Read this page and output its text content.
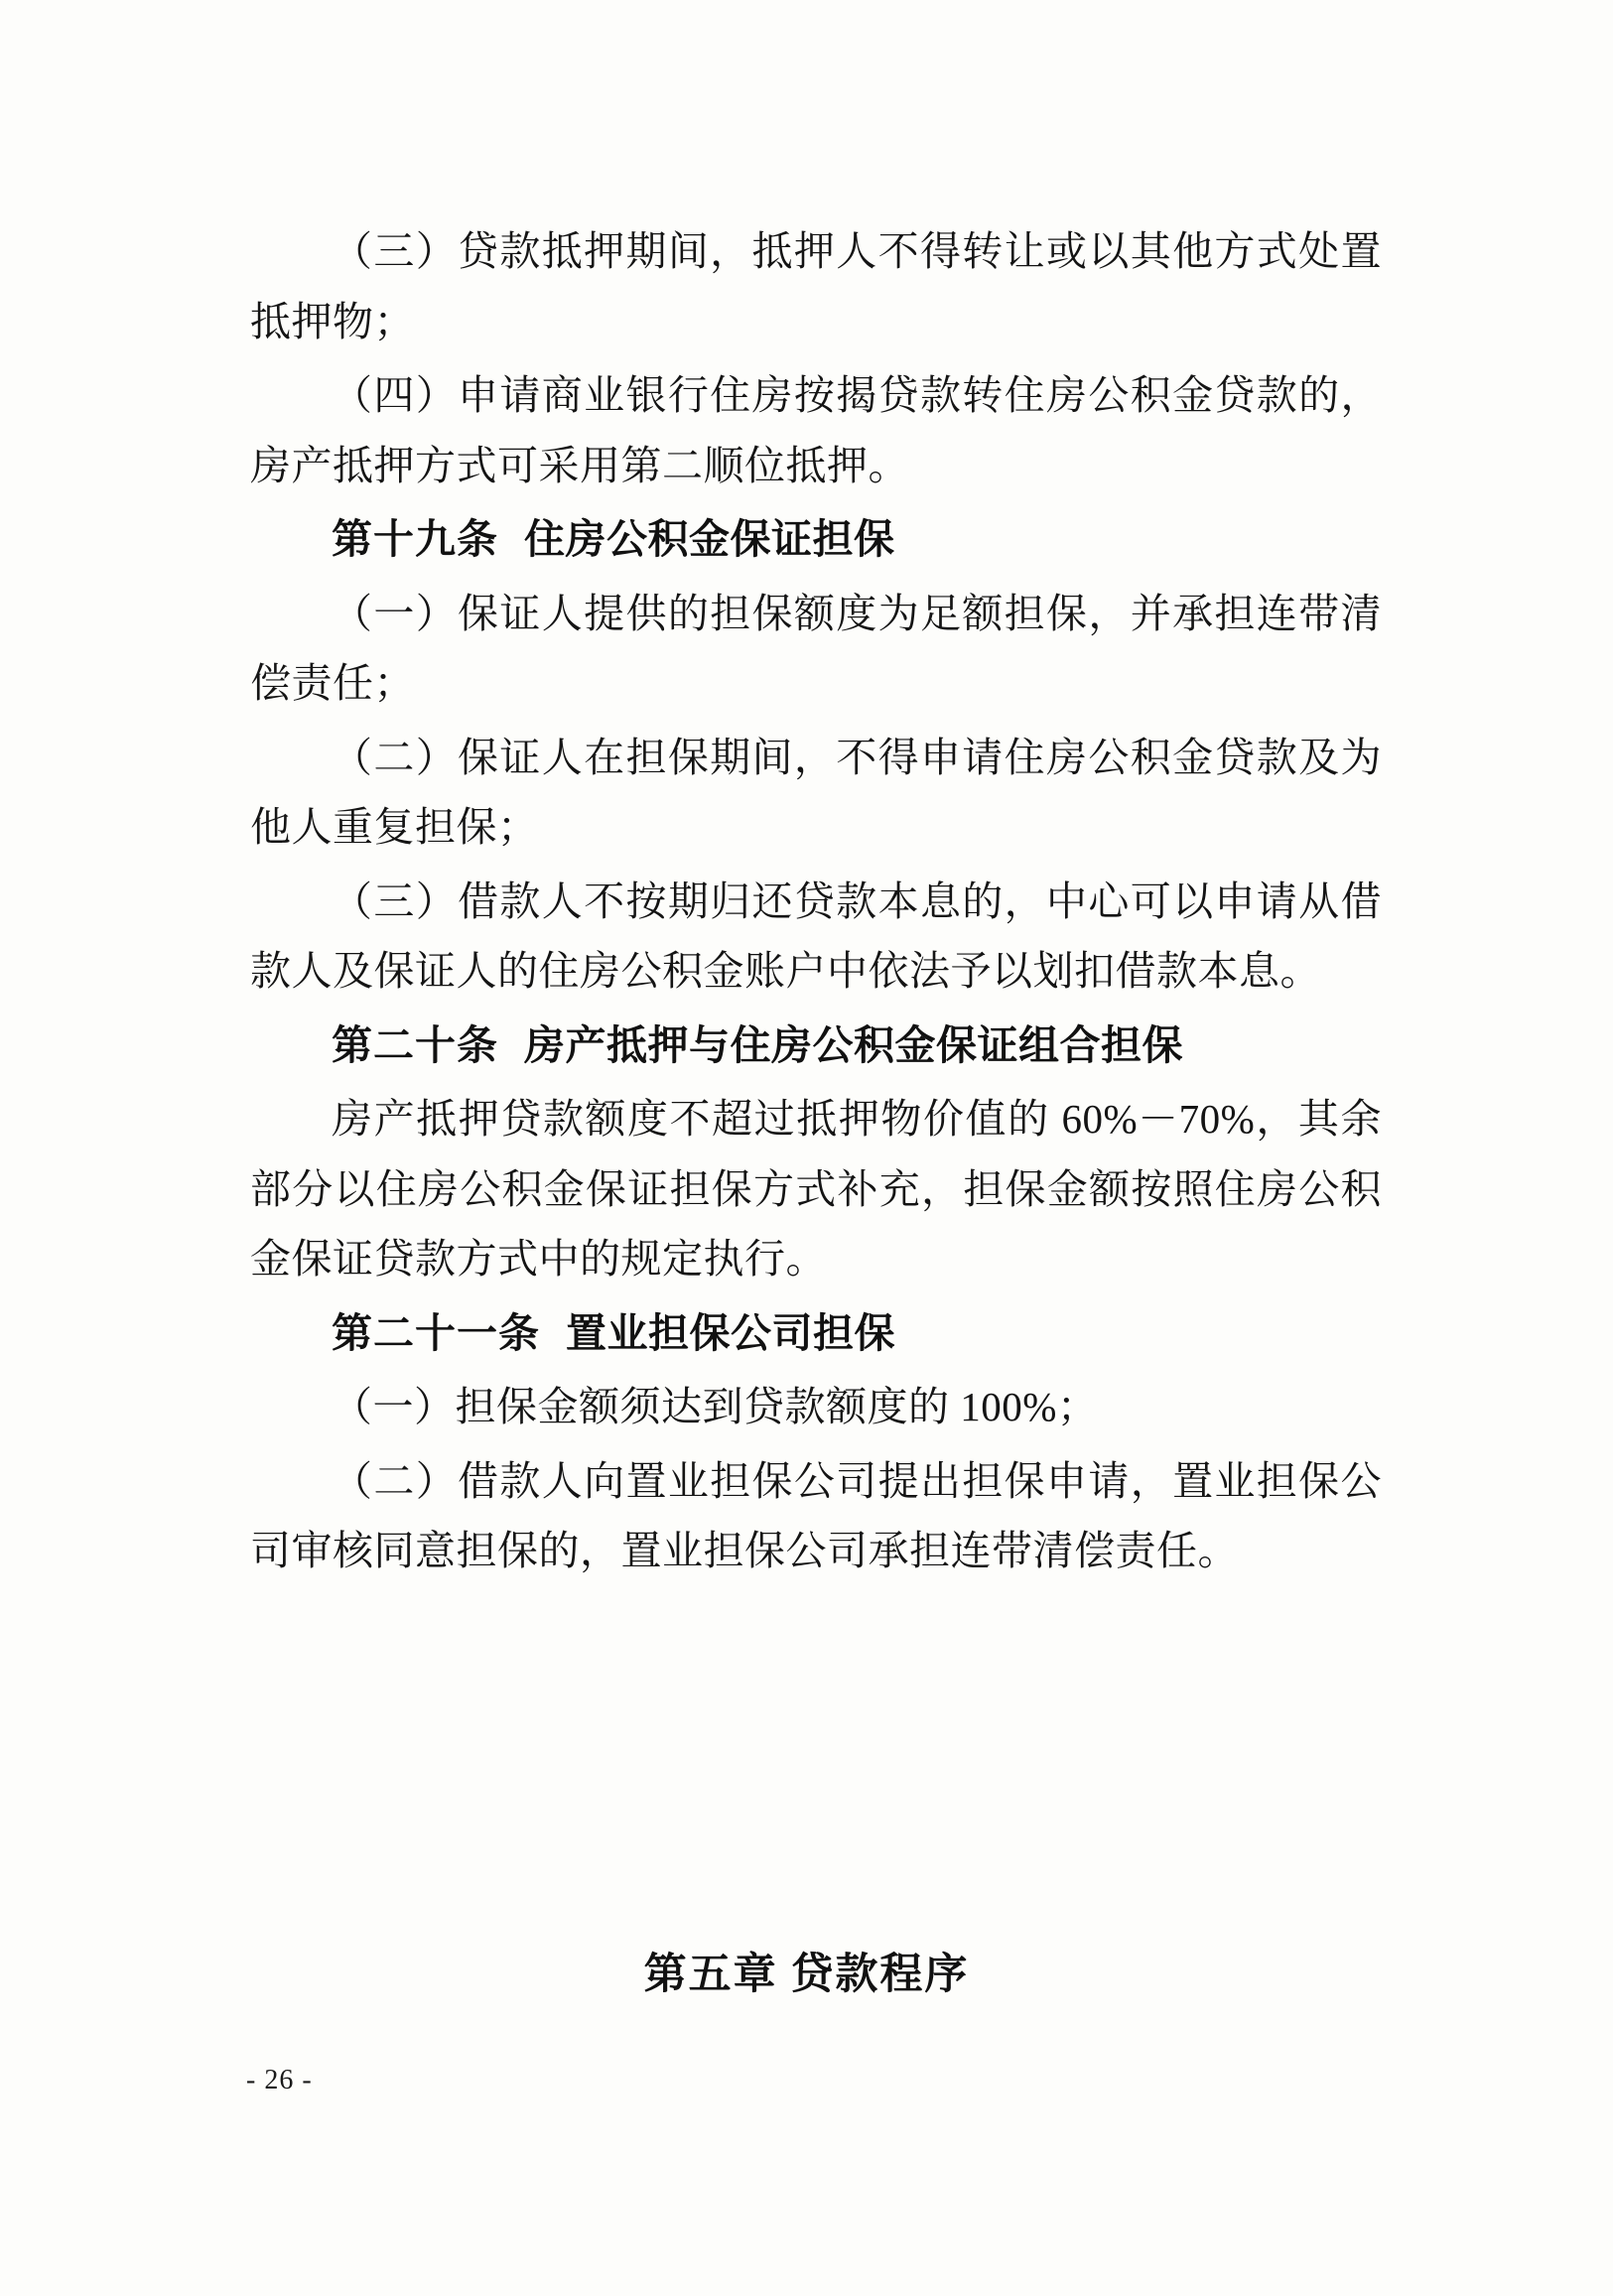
（三）贷款抵押期间，抵押人不得转让或以其他方式处置抵押物；

（四）申请商业银行住房按揭贷款转住房公积金贷款的，房产抵押方式可采用第二顺位抵押。

第十九条 住房公积金保证担保

（一）保证人提供的担保额度为足额担保，并承担连带清偿责任；

（二）保证人在担保期间，不得申请住房公积金贷款及为他人重复担保；

（三）借款人不按期归还贷款本息的，中心可以申请从借款人及保证人的住房公积金账户中依法予以划扣借款本息。

第二十条 房产抵押与住房公积金保证组合担保

房产抵押贷款额度不超过抵押物价值的 60%－70%，其余部分以住房公积金保证担保方式补充，担保金额按照住房公积金保证贷款方式中的规定执行。

第二十一条 置业担保公司担保

（一）担保金额须达到贷款额度的 100%；

（二）借款人向置业担保公司提出担保申请，置业担保公司审核同意担保的，置业担保公司承担连带清偿责任。

第五章 贷款程序
- 26 -
